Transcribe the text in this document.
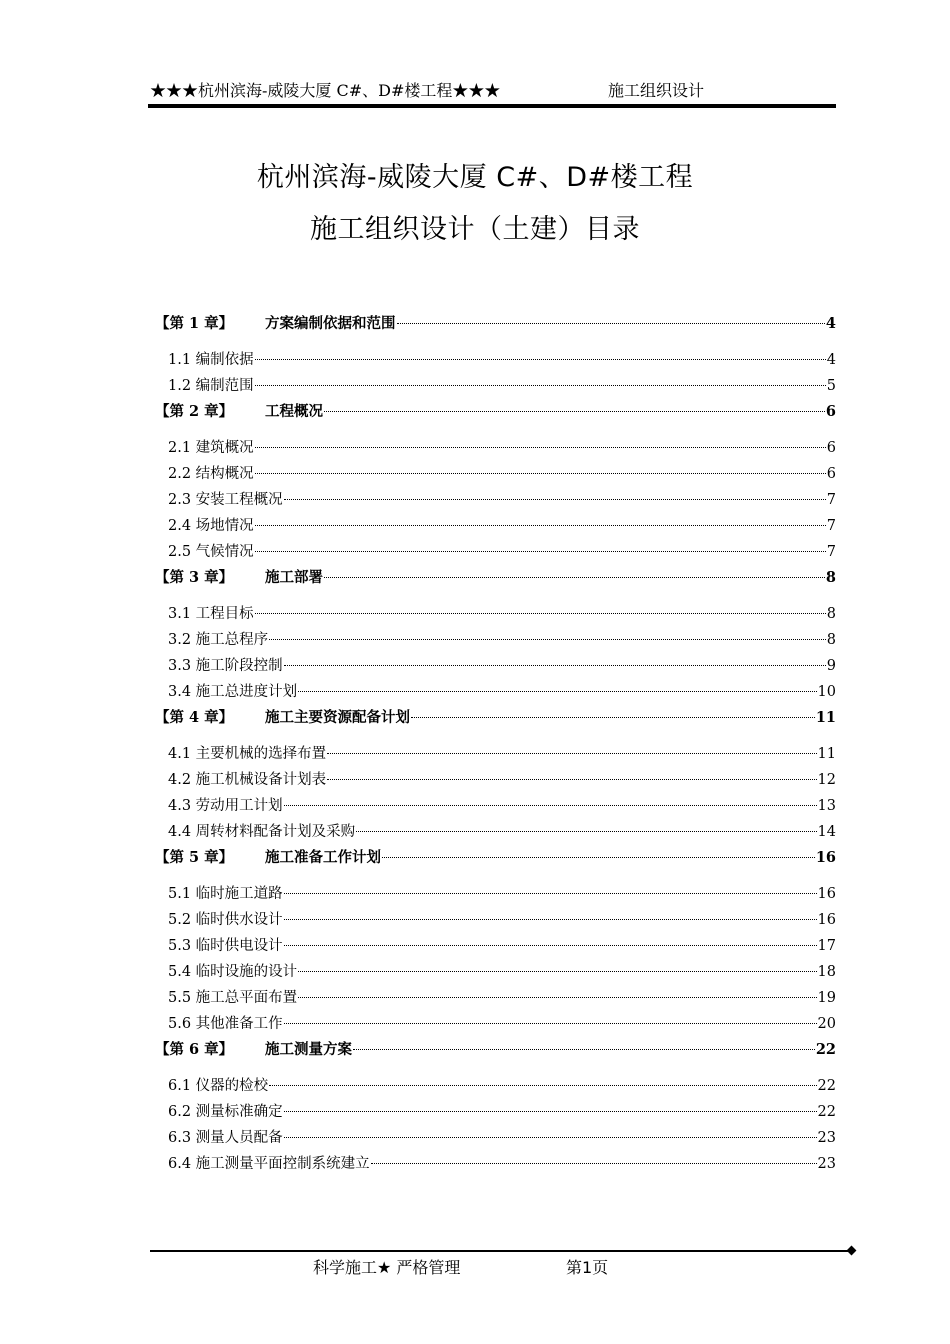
★★★杭州滨海-威陵大厦 C#、D#楼工程★★★	施工组织设计
杭州滨海-威陵大厦 C#、D#楼工程
施工组织设计（土建）目录
【第 1 章】	方案编制依据和范围	4
1.1 编制依据	4
1.2 编制范围	5
【第 2 章】	工程概况	6
2.1 建筑概况	6
2.2 结构概况	6
2.3 安装工程概况	7
2.4 场地情况	7
2.5 气候情况	7
【第 3 章】	施工部署	8
3.1 工程目标	8
3.2 施工总程序	8
3.3 施工阶段控制	9
3.4 施工总进度计划	10
【第 4 章】	施工主要资源配备计划	11
4.1 主要机械的选择布置	11
4.2 施工机械设备计划表	12
4.3 劳动用工计划	13
4.4 周转材料配备计划及采购	14
【第 5 章】	施工准备工作计划	16
5.1 临时施工道路	16
5.2 临时供水设计	16
5.3 临时供电设计	17
5.4 临时设施的设计	18
5.5 施工总平面布置	19
5.6 其他准备工作	20
【第 6 章】	施工测量方案	22
6.1 仪器的检校	22
6.2 测量标准确定	22
6.3 测量人员配备	23
6.4 施工测量平面控制系统建立	23
科学施工★ 严格管理	第1页
